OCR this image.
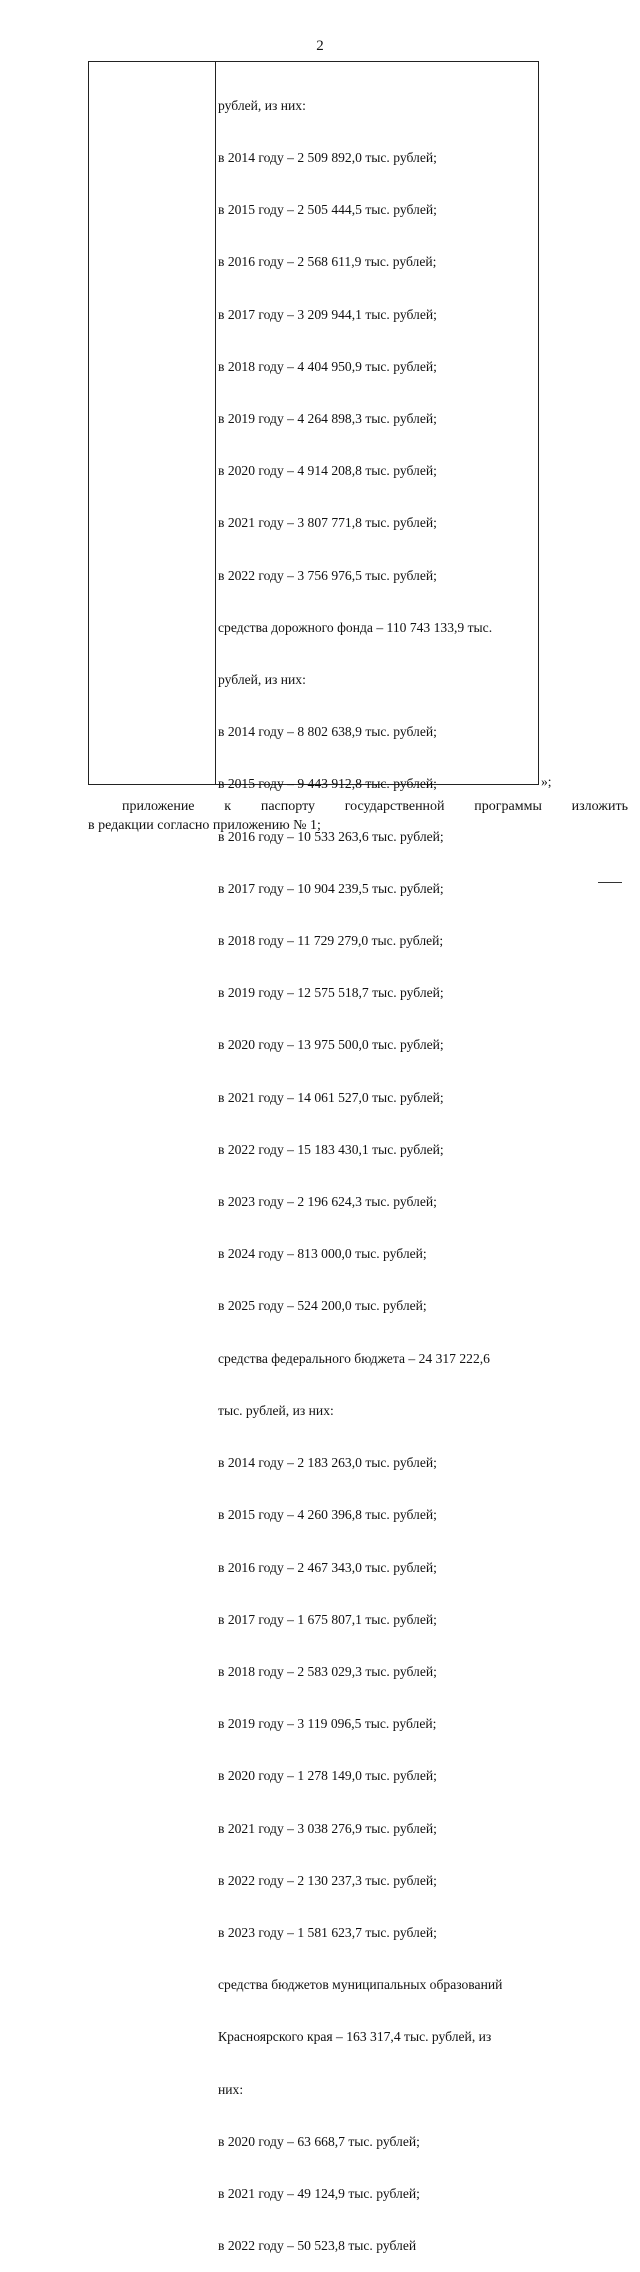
2

рублей, из них:

в 2014 году – 2 509 892,0 тыс. рублей;

в 2015 году – 2 505 444,5 тыс. рублей;

в 2016 году – 2 568 611,9 тыс. рублей;

в 2017 году – 3 209 944,1 тыс. рублей;

в 2018 году – 4 404 950,9 тыс. рублей;

в 2019 году – 4 264 898,3 тыс. рублей;

в 2020 году – 4 914 208,8 тыс. рублей;

в 2021 году – 3 807 771,8 тыс. рублей;

в 2022 году – 3 756 976,5 тыс. рублей;

средства дорожного фонда – 110 743 133,9 тыс.

рублей, из них:

в 2014 году – 8 802 638,9 тыс. рублей;

в 2015 году – 9 443 912,8 тыс. рублей;

в 2016 году – 10 533 263,6 тыс. рублей;

в 2017 году – 10 904 239,5 тыс. рублей;

в 2018 году – 11 729 279,0 тыс. рублей;

в 2019 году – 12 575 518,7 тыс. рублей;

в 2020 году – 13 975 500,0 тыс. рублей;

в 2021 году – 14 061 527,0 тыс. рублей;

в 2022 году – 15 183 430,1 тыс. рублей;

в 2023 году – 2 196 624,3 тыс. рублей;

в 2024 году – 813 000,0 тыс. рублей;

в 2025 году – 524 200,0 тыс. рублей;

средства федерального бюджета – 24 317 222,6

тыс. рублей, из них:

в 2014 году – 2 183 263,0 тыс. рублей;

в 2015 году – 4 260 396,8 тыс. рублей;

в 2016 году – 2 467 343,0 тыс. рублей;

в 2017 году – 1 675 807,1 тыс. рублей;

в 2018 году – 2 583 029,3 тыс. рублей;

в 2019 году – 3 119 096,5 тыс. рублей;

в 2020 году – 1 278 149,0 тыс. рублей;

в 2021 году – 3 038 276,9 тыс. рублей;

в 2022 году – 2 130 237,3 тыс. рублей;

в 2023 году – 1 581 623,7 тыс. рублей;

средства бюджетов муниципальных образований

Красноярского края – 163 317,4 тыс. рублей, из

них:

в 2020 году – 63 668,7 тыс. рублей;

в 2021 году – 49 124,9 тыс. рублей;

в 2022 году – 50 523,8 тыс. рублей

»;
приложение к паспорту государственной программы изложить
в редакции согласно приложению № 1;
